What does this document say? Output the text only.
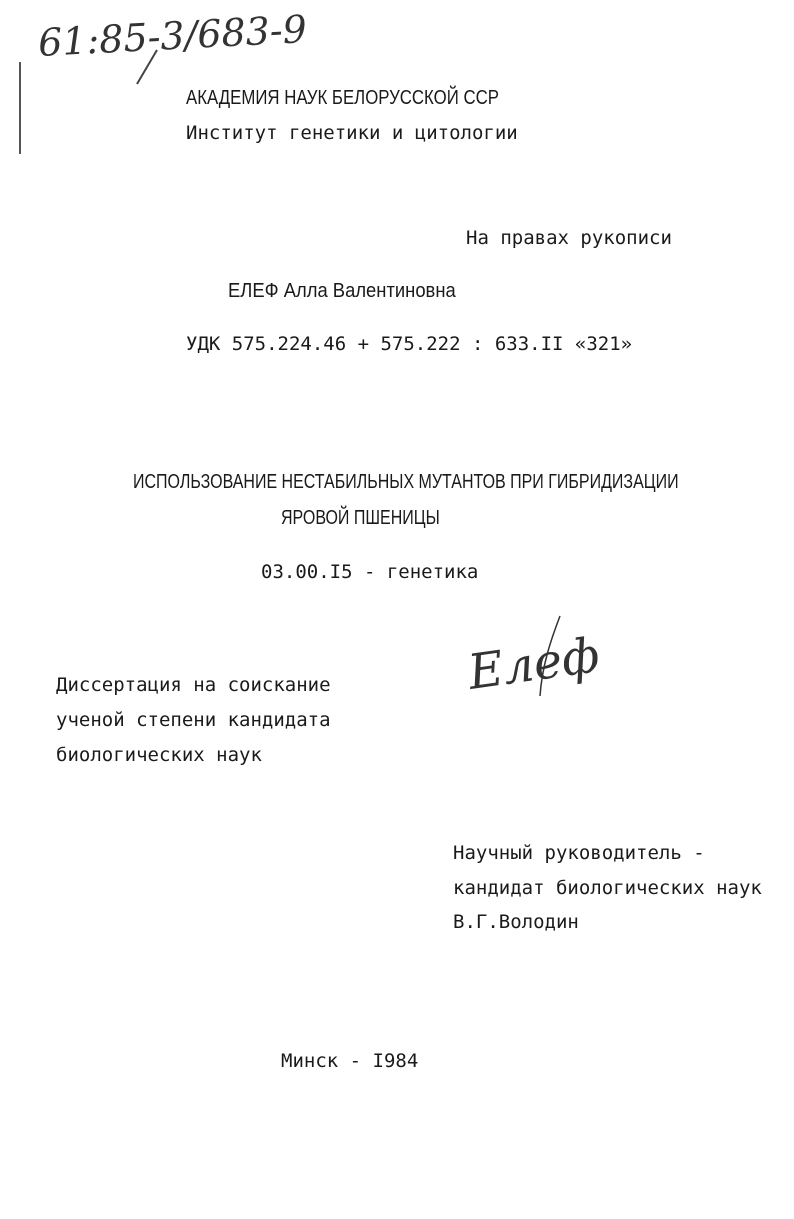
61:85-3/683-9
АКАДЕМИЯ НАУК БЕЛОРУССКОЙ ССР
Институт генетики и цитологии
На правах рукописи
ЕЛЕФ Алла Валентиновна
УДК 575.224.46 + 575.222 : 633.II «321»
ИСПОЛЬЗОВАНИЕ НЕСТАБИЛЬНЫХ МУТАНТОВ ПРИ ГИБРИДИЗАЦИИ
ЯРОВОЙ ПШЕНИЦЫ
03.00.I5 - генетика
Елеф
Диссертация на соискание
ученой степени кандидата
биологических наук
Научный руководитель -
кандидат биологических наук
В.Г.Володин
Минск - I984
